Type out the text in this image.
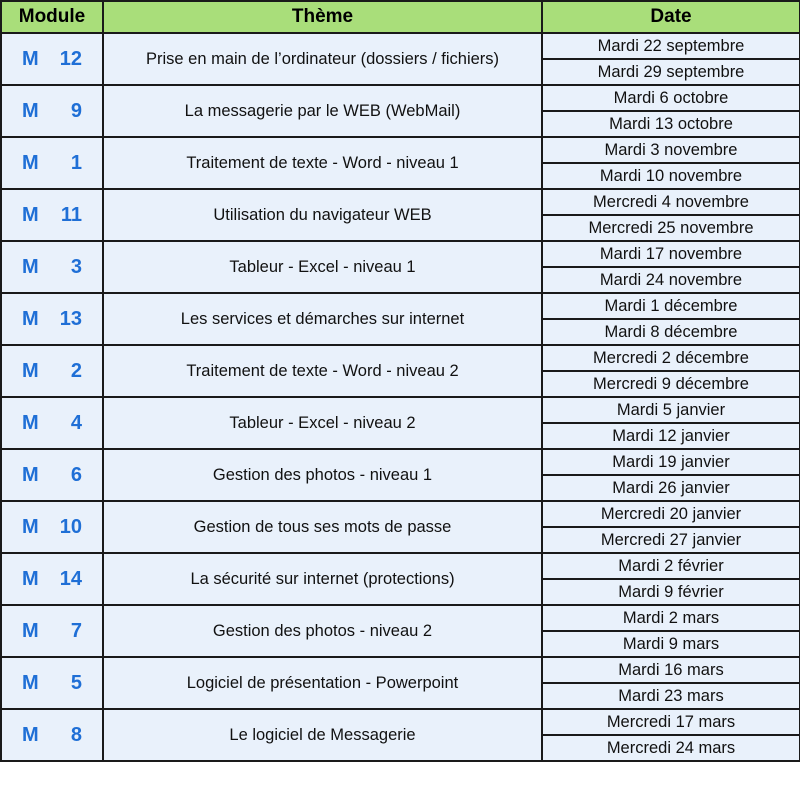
Module	Thème	Date
M 12	Prise en main de l’ordinateur (dossiers / fichiers)	Mardi 22 septembre
		Mardi 29 septembre
M 9	La messagerie par le WEB (WebMail)	Mardi 6 octobre
		Mardi 13 octobre
M 1	Traitement de texte - Word - niveau 1	Mardi 3 novembre
		Mardi 10 novembre
M 11	Utilisation du navigateur WEB	Mercredi 4 novembre
		Mercredi 25 novembre
M 3	Tableur - Excel - niveau 1	Mardi 17 novembre
		Mardi 24 novembre
M 13	Les services et démarches sur internet	Mardi 1 décembre
		Mardi 8 décembre
M 2	Traitement de texte - Word - niveau 2	Mercredi 2 décembre
		Mercredi 9 décembre
M 4	Tableur - Excel - niveau 2	Mardi 5 janvier
		Mardi 12 janvier
M 6	Gestion des photos - niveau 1	Mardi 19 janvier
		Mardi 26 janvier
M 10	Gestion de tous ses mots de passe	Mercredi 20 janvier
		Mercredi 27 janvier
M 14	La sécurité sur internet (protections)	Mardi 2 février
		Mardi 9 février
M 7	Gestion des photos - niveau 2	Mardi 2 mars
		Mardi 9 mars
M 5	Logiciel de présentation - Powerpoint	Mardi 16 mars
		Mardi 23 mars
M 8	Le logiciel de Messagerie	Mercredi 17 mars
		Mercredi 24 mars
